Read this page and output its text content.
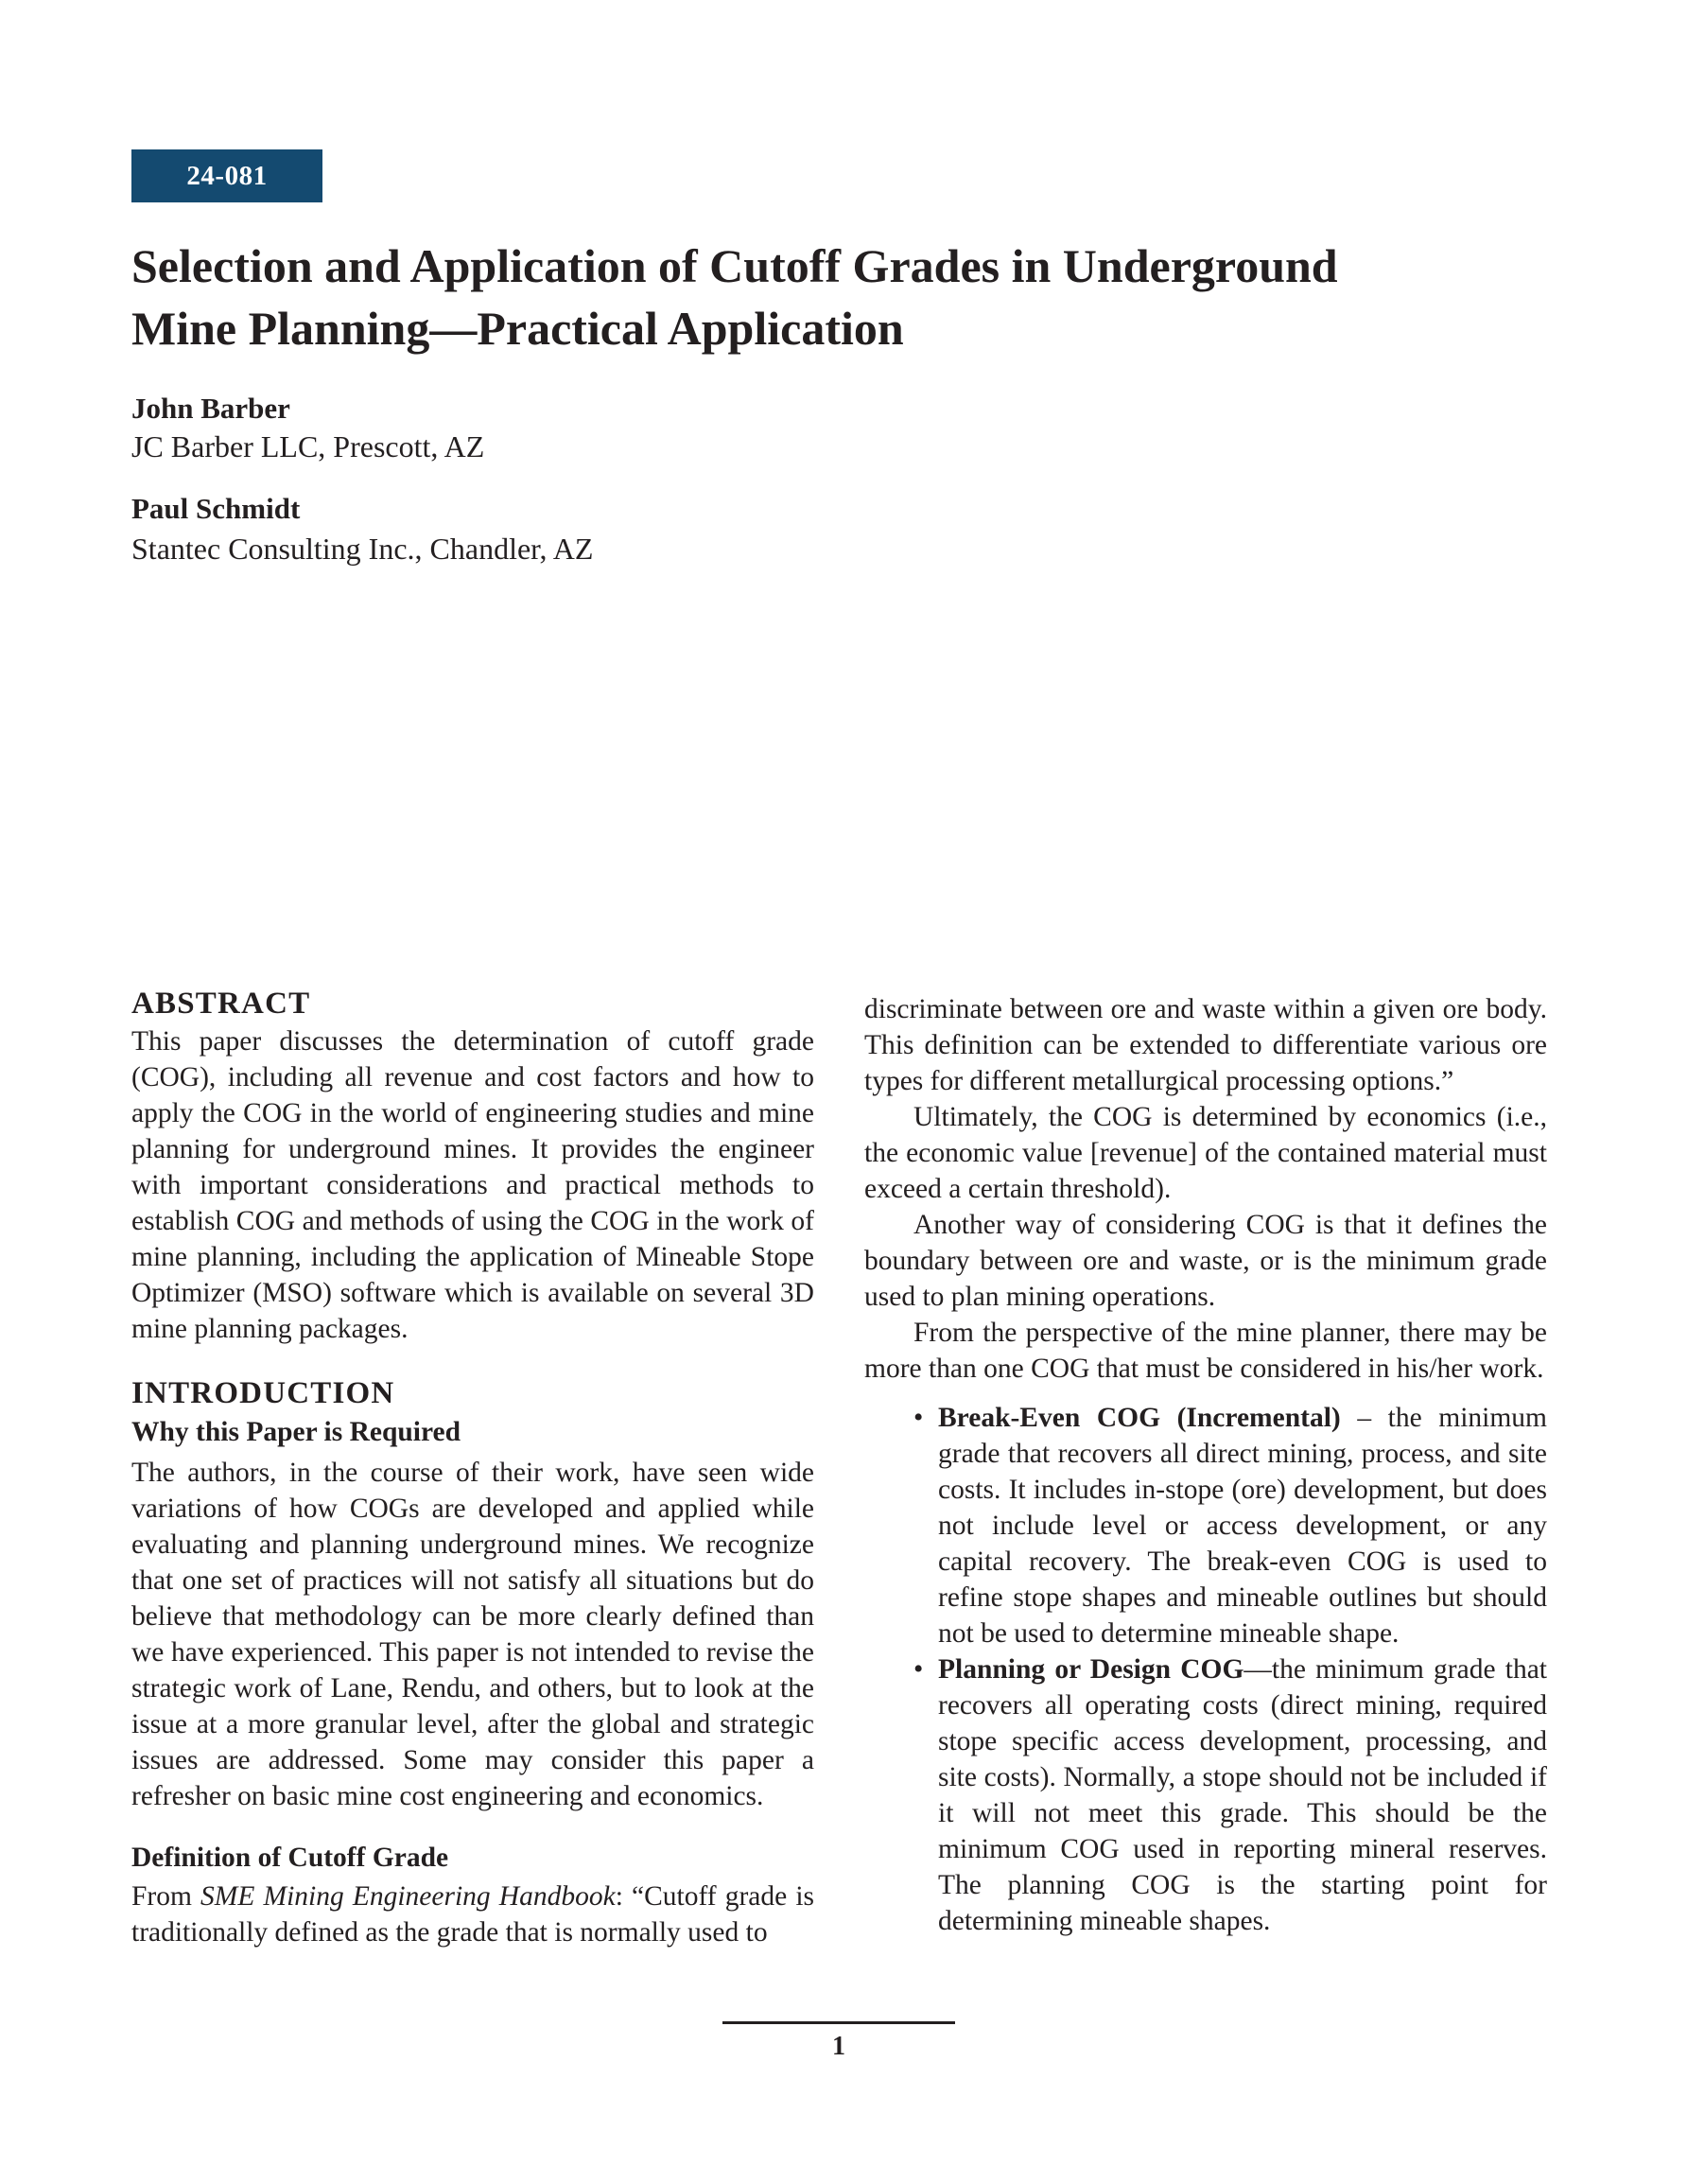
24-081
Selection and Application of Cutoff Grades in Underground
Mine Planning—Practical Application

John Barber

JC Barber LLC, Prescott, AZ

Paul Schmidt

Stantec Consulting Inc., Chandler, AZ

ABSTRACT

This paper discusses the determination of cutoff grade (COG), including all revenue and cost factors and how to apply the COG in the world of engineering studies and mine planning for underground mines. It provides the engineer with important considerations and practical methods to establish COG and methods of using the COG in the work of mine planning, including the application of Mineable Stope Optimizer (MSO) software which is available on several 3D mine planning packages.

INTRODUCTION
Why this Paper is Required

The authors, in the course of their work, have seen wide variations of how COGs are developed and applied while evaluating and planning underground mines. We recognize that one set of practices will not satisfy all situations but do believe that methodology can be more clearly defined than we have experienced. This paper is not intended to revise the strategic work of Lane, Rendu, and others, but to look at the issue at a more granular level, after the global and strategic issues are addressed. Some may consider this paper a refresher on basic mine cost engineering and economics.

Definition of Cutoff Grade

From SME Mining Engineering Handbook: “Cutoff grade is traditionally defined as the grade that is normally used to

discriminate between ore and waste within a given ore body. This definition can be extended to differentiate various ore types for different metallurgical processing options.”

Ultimately, the COG is determined by economics (i.e., the economic value [revenue] of the contained material must exceed a certain threshold).

Another way of considering COG is that it defines the boundary between ore and waste, or is the minimum grade used to plan mining operations.

From the perspective of the mine planner, there may be more than one COG that must be considered in his/her work.

• Break-Even COG (Incremental) – the minimum grade that recovers all direct mining, process, and site costs. It includes in-stope (ore) development, but does not include level or access development, or any capital recovery. The break-even COG is used to refine stope shapes and mineable outlines but should not be used to determine mineable shape.
• Planning or Design COG—the minimum grade that recovers all operating costs (direct mining, required stope specific access development, processing, and site costs). Normally, a stope should not be included if it will not meet this grade. This should be the minimum COG used in reporting mineral reserves. The planning COG is the starting point for determining mineable shapes.
1
